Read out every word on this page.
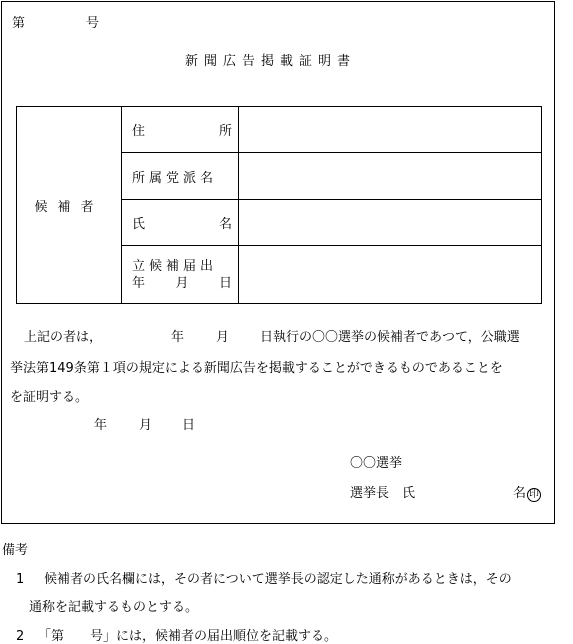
第	号
新聞広告掲載証明書
候補者	住 所	

	所属党派名	

	氏 名	

立候補届出
年 月 日	

上記の者は，	年 月 日執行の〇〇選挙の候補者であつて，公職選
挙法第149条第１項の規定による新聞広告を掲載することができるものであることを
を証明する。
年 月 日
〇〇選挙
選挙長　氏	名 印
備考
1 候補者の氏名欄には，その者について選挙長の認定した通称があるときは，その
通称を記載するものとする。
2 「第　　号」には，候補者の届出順位を記載する。
